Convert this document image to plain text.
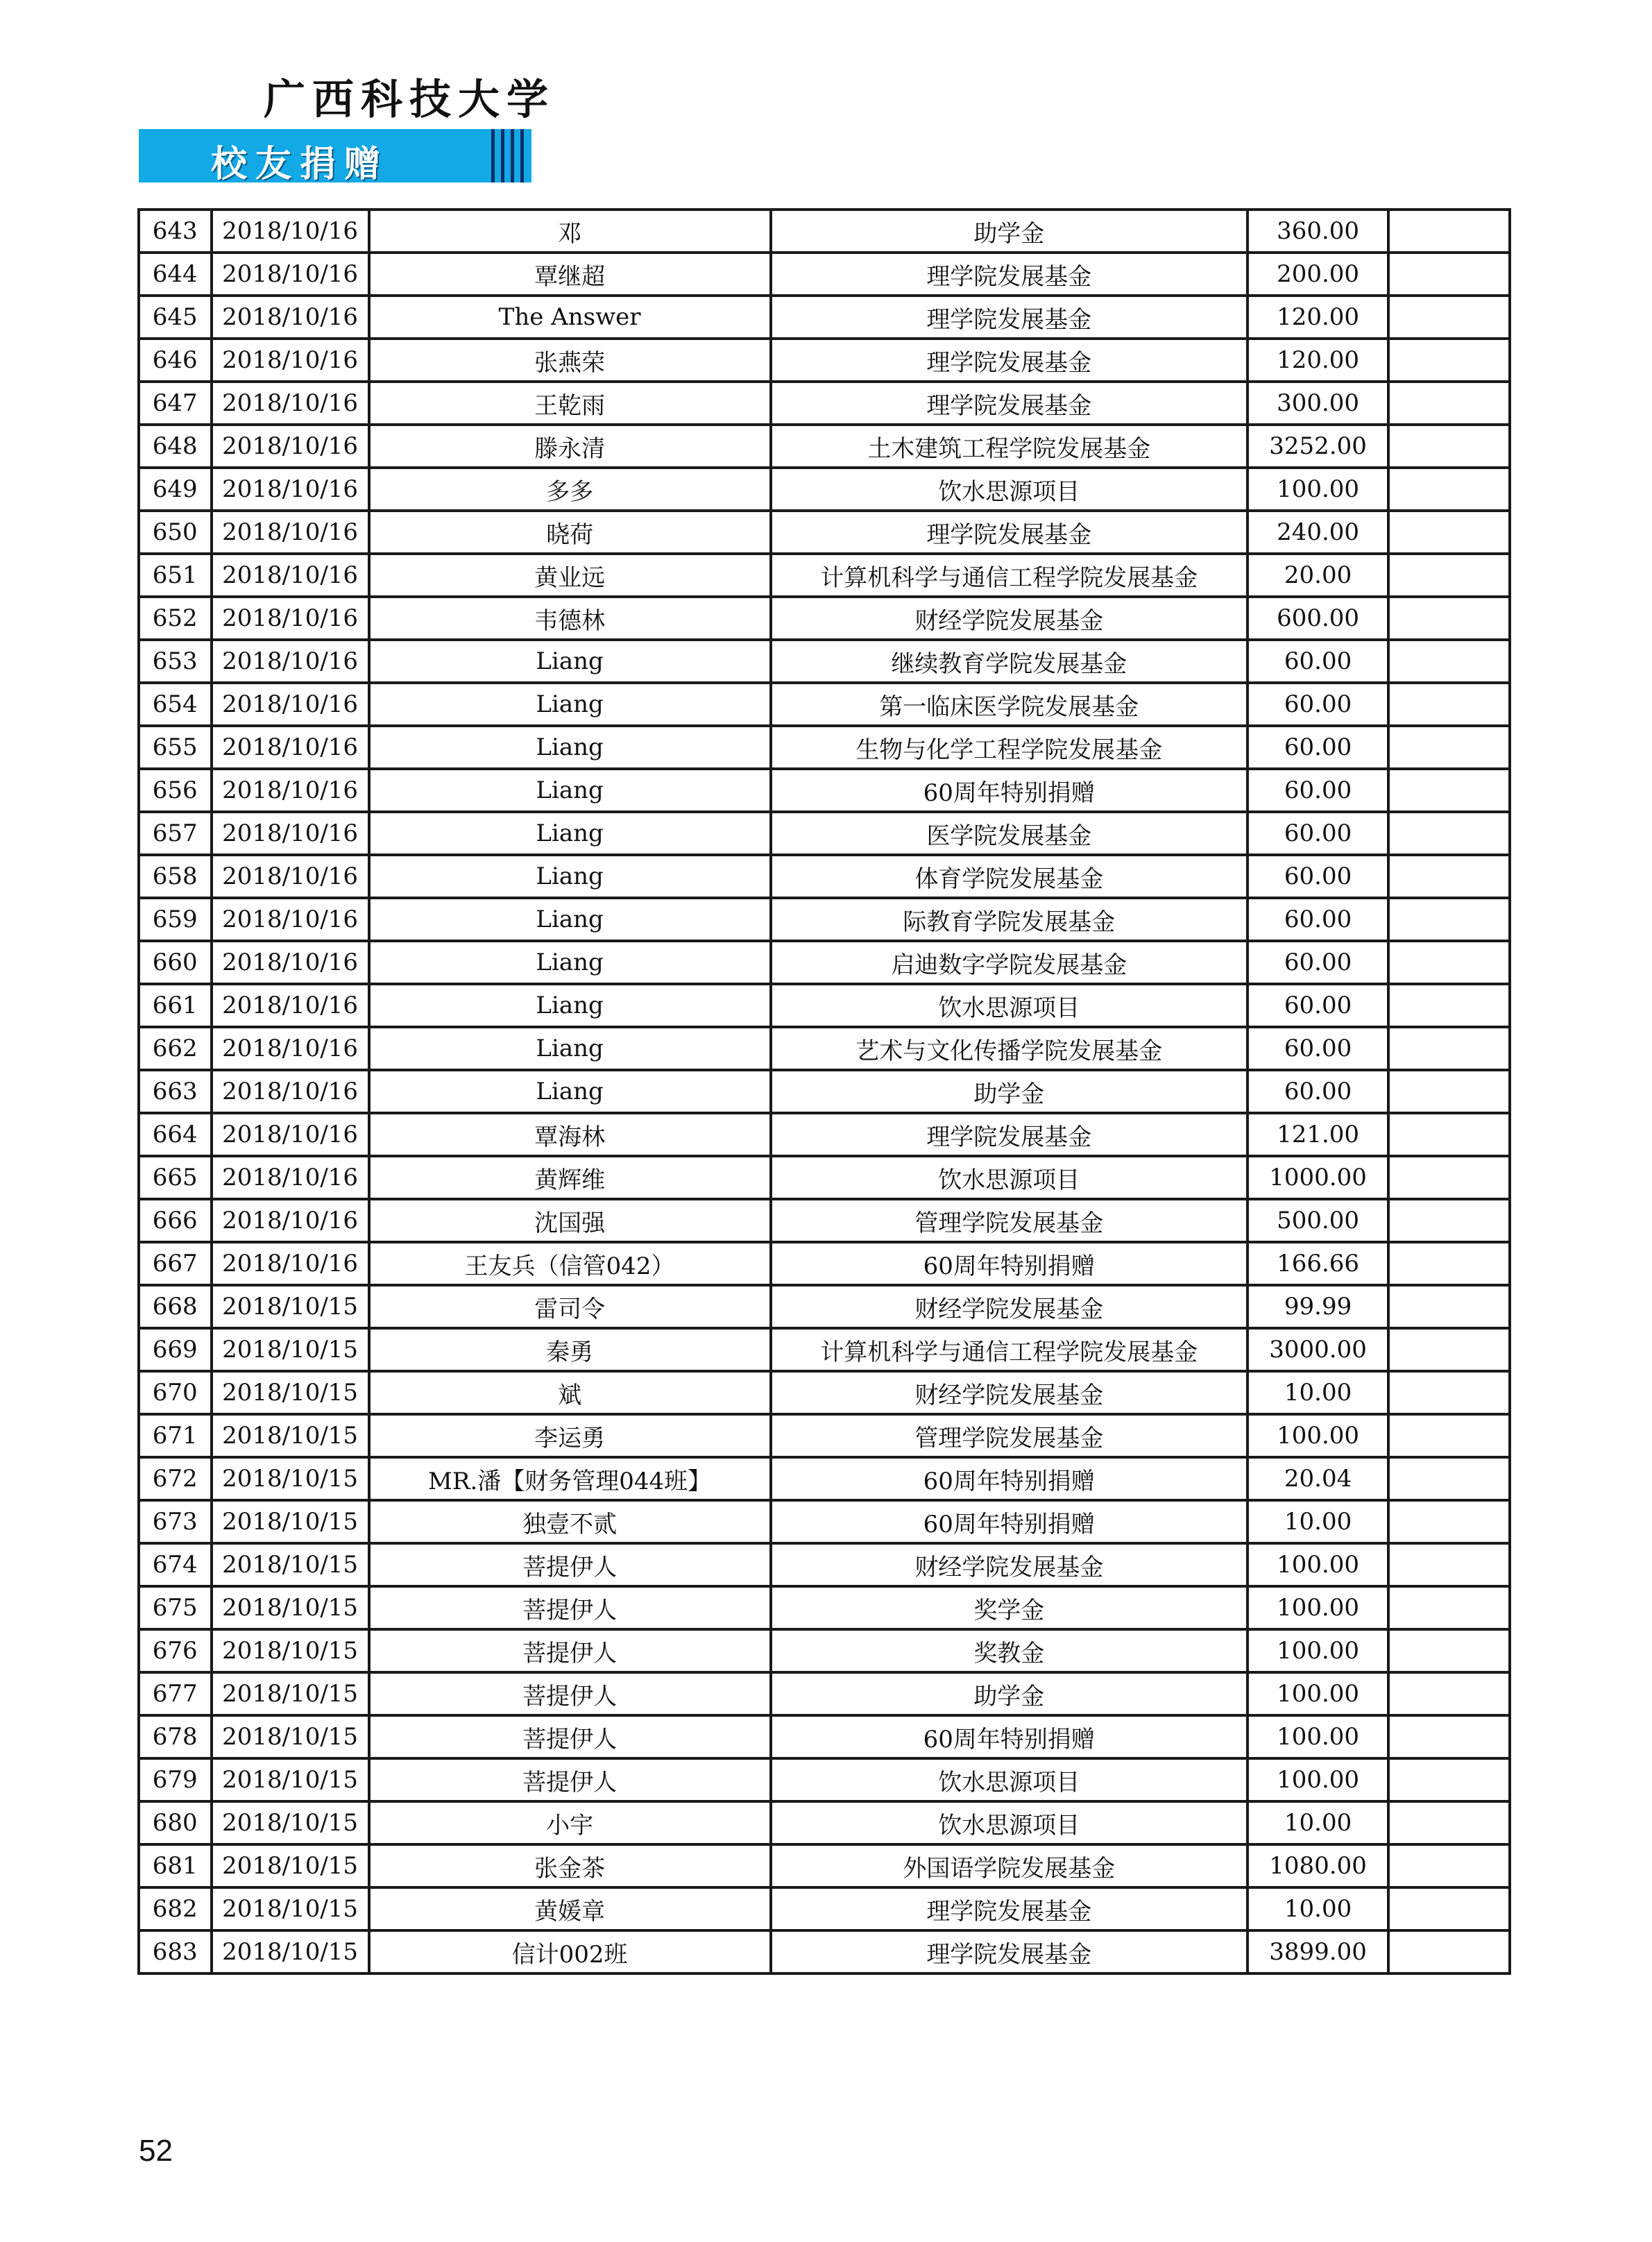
广西科技大学
校友捐赠
643	2018/10/16	邓	助学金	360.00	
644	2018/10/16	覃继超	理学院发展基金	200.00	
645	2018/10/16	The Answer	理学院发展基金	120.00	
646	2018/10/16	张燕荣	理学院发展基金	120.00	
647	2018/10/16	王乾雨	理学院发展基金	300.00	
648	2018/10/16	滕永清	土木建筑工程学院发展基金	3252.00	
649	2018/10/16	多多	饮水思源项目	100.00	
650	2018/10/16	晓荷	理学院发展基金	240.00	
651	2018/10/16	黄业远	计算机科学与通信工程学院发展基金	20.00	
652	2018/10/16	韦德林	财经学院发展基金	600.00	
653	2018/10/16	Liang	继续教育学院发展基金	60.00	
654	2018/10/16	Liang	第一临床医学院发展基金	60.00	
655	2018/10/16	Liang	生物与化学工程学院发展基金	60.00	
656	2018/10/16	Liang	60周年特别捐赠	60.00	
657	2018/10/16	Liang	医学院发展基金	60.00	
658	2018/10/16	Liang	体育学院发展基金	60.00	
659	2018/10/16	Liang	际教育学院发展基金	60.00	
660	2018/10/16	Liang	启迪数字学院发展基金	60.00	
661	2018/10/16	Liang	饮水思源项目	60.00	
662	2018/10/16	Liang	艺术与文化传播学院发展基金	60.00	
663	2018/10/16	Liang	助学金	60.00	
664	2018/10/16	覃海林	理学院发展基金	121.00	
665	2018/10/16	黄辉维	饮水思源项目	1000.00	
666	2018/10/16	沈国强	管理学院发展基金	500.00	
667	2018/10/16	王友兵（信管042）	60周年特别捐赠	166.66	
668	2018/10/15	雷司令	财经学院发展基金	99.99	
669	2018/10/15	秦勇	计算机科学与通信工程学院发展基金	3000.00	
670	2018/10/15	斌	财经学院发展基金	10.00	
671	2018/10/15	李运勇	管理学院发展基金	100.00	
672	2018/10/15	MR.潘【财务管理044班】	60周年特别捐赠	20.04	
673	2018/10/15	独壹不贰	60周年特别捐赠	10.00	
674	2018/10/15	菩提伊人	财经学院发展基金	100.00	
675	2018/10/15	菩提伊人	奖学金	100.00	
676	2018/10/15	菩提伊人	奖教金	100.00	
677	2018/10/15	菩提伊人	助学金	100.00	
678	2018/10/15	菩提伊人	60周年特别捐赠	100.00	
679	2018/10/15	菩提伊人	饮水思源项目	100.00	
680	2018/10/15	小宇	饮水思源项目	10.00	
681	2018/10/15	张金茶	外国语学院发展基金	1080.00	
682	2018/10/15	黄媛章	理学院发展基金	10.00	
683	2018/10/15	信计002班	理学院发展基金	3899.00	
52
